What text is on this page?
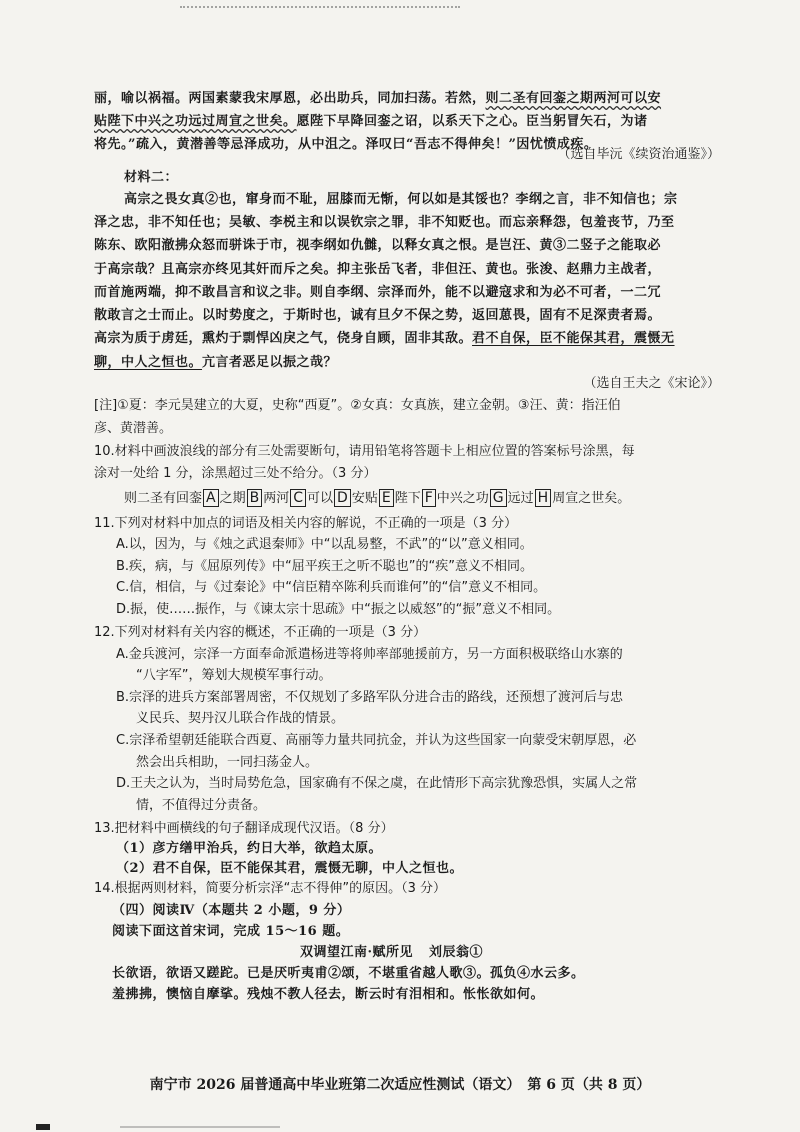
丽，喻以祸福。两国素蒙我宋厚恩，必出助兵，同加扫荡。若然，则二圣有回銮之期两河可以安
贴陛下中兴之功远过周宣之世矣。愿陛下早降回銮之诏，以系天下之心。臣当躬冒矢石，为诸
将先。”疏入，黄潜善等忌泽成功，从中沮之。泽叹曰“吾志不得伸矣！”因忧愤成疾。
（选自毕沅《续资治通鉴》）
材料二：
高宗之畏女真②也，窜身而不耻，屈膝而无惭，何以如是其馁也？李纲之言，非不知信也；宗
泽之忠，非不知任也；吴敏、李棁主和以误钦宗之罪，非不知贬也。而忘亲释怨，包羞丧节，乃至
陈东、欧阳澈拂众怒而骈诛于市，视李纲如仇雠，以释女真之恨。是岂汪、黄③二竖子之能取必
于高宗哉？且高宗亦终见其奸而斥之矣。抑主张岳飞者，非但汪、黄也。张浚、赵鼎力主战者，
而首施两端，抑不敢昌言和议之非。则自李纲、宗泽而外，能不以避寇求和为必不可者，一二冗
散敢言之士而止。以时势度之，于斯时也，诚有旦夕不保之势，返回葸畏，固有不足深责者焉。
高宗为质于虏廷，熏灼于剽悍凶戾之气，侥身自顾，固非其敌。君不自保，臣不能保其君，震慑无
聊，中人之恒也。亢言者恶足以振之哉？
（选自王夫之《宋论》）
[注]①夏：李元昊建立的大夏，史称“西夏”。②女真：女真族，建立金朝。③汪、黄：指汪伯
彦、黄潜善。
10.材料中画波浪线的部分有三处需要断句，请用铅笔将答题卡上相应位置的答案标号涂黑，每
涂对一处给 1 分，涂黑超过三处不给分。（3 分）
则二圣有回銮 A 之期 B 两河 C 可以 D 安贴 E 陛下 F 中兴之功 G 远过 H 周宣之世矣。
11.下列对材料中加点的词语及相关内容的解说，不正确的一项是（3 分）
A.以，因为，与《烛之武退秦师》中“以乱易整，不武”的“以”意义相同。
B.疾，病，与《屈原列传》中“屈平疾王之听不聪也”的“疾”意义不相同。
C.信，相信，与《过秦论》中“信臣精卒陈利兵而谁何”的“信”意义不相同。
D.振，使……振作，与《谏太宗十思疏》中“振之以威怒”的“振”意义不相同。
12.下列对材料有关内容的概述，不正确的一项是（3 分）
A.金兵渡河，宗泽一方面奉命派遣杨进等将帅率部驰援前方，另一方面积极联络山水寨的
“八字军”，筹划大规模军事行动。
B.宗泽的进兵方案部署周密，不仅规划了多路军队分进合击的路线，还预想了渡河后与忠
义民兵、契丹汉儿联合作战的情景。
C.宗泽希望朝廷能联合西夏、高丽等力量共同抗金，并认为这些国家一向蒙受宋朝厚恩，必
然会出兵相助，一同扫荡金人。
D.王夫之认为，当时局势危急，国家确有不保之虞，在此情形下高宗犹豫恐惧，实属人之常
情，不值得过分责备。
13.把材料中画横线的句子翻译成现代汉语。（8 分）
（1）彦方缮甲治兵，约日大举，欲趋太原。
（2）君不自保，臣不能保其君，震慑无聊，中人之恒也。
14.根据两则材料，简要分析宗泽“志不得伸”的原因。（3 分）
南宁市 2026 届普通高中毕业班第二次适应性测试（语文）　第 6 页（共 8 页）
（四）阅读Ⅳ（本题共 2 小题，9 分）
阅读下面这首宋词，完成 15～16 题。
双调望江南·赋所见 刘辰翁①
长欲语，欲语又蹉跎。已是厌听夷甫②颂，不堪重省越人歌③。孤负④水云多。
羞拂拂，懊恼自摩挲。残烛不教人径去，断云时有泪相和。怅怅欲如何。
